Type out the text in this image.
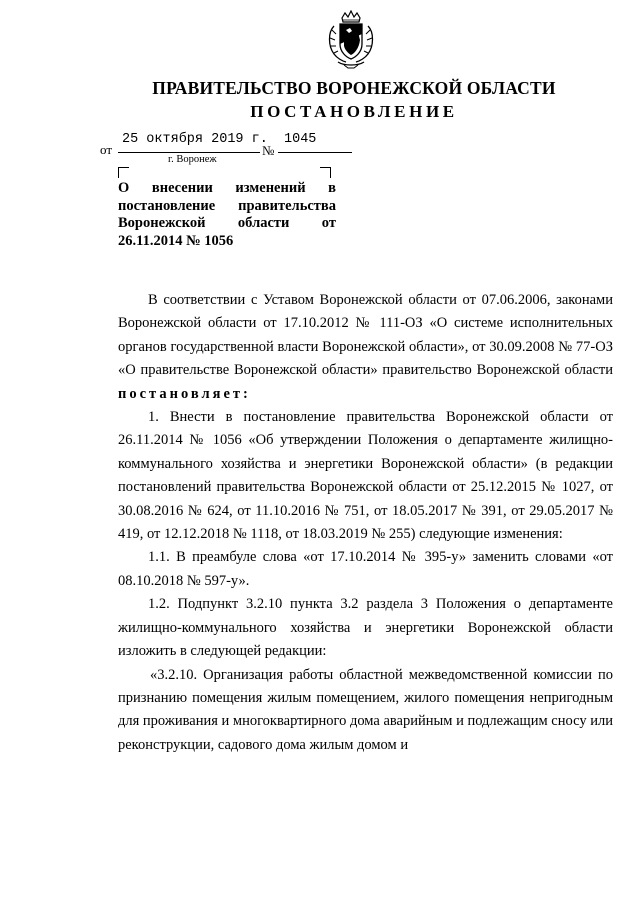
ПРАВИТЕЛЬСТВО ВОРОНЕЖСКОЙ ОБЛАСТИ
ПОСТАНОВЛЕНИЕ
от
25 октября 2019 г.
№
1045
г. Воронеж
О внесении изменений в
постановление правительства
Воронежской области от
26.11.2014 № 1056

В соответствии с Уставом Воронежской области от 07.06.2006, законами Воронежской области от 17.10.2012 № 111-ОЗ «О системе исполнительных органов государственной власти Воронежской области», от 30.09.2008 № 77-ОЗ «О правительстве Воронежской области» правительство Воронежской области постановляет:

1. Внести в постановление правительства Воронежской области от 26.11.2014 № 1056 «Об утверждении Положения о департаменте жилищно-коммунального хозяйства и энергетики Воронежской области» (в редакции постановлений правительства Воронежской области от 25.12.2015 № 1027, от 30.08.2016 № 624, от 11.10.2016 № 751, от 18.05.2017 № 391, от 29.05.2017 № 419, от 12.12.2018 № 1118, от 18.03.2019 № 255) следующие изменения:

1.1. В преамбуле слова «от 17.10.2014 № 395-у» заменить словами «от 08.10.2018 № 597-у».

1.2. Подпункт 3.2.10 пункта 3.2 раздела 3 Положения о департаменте жилищно-коммунального хозяйства и энергетики Воронежской области изложить в следующей редакции:

«3.2.10. Организация работы областной межведомственной комиссии по признанию помещения жилым помещением, жилого помещения непригодным для проживания и многоквартирного дома аварийным и подлежащим сносу или реконструкции, садового дома жилым домом и
